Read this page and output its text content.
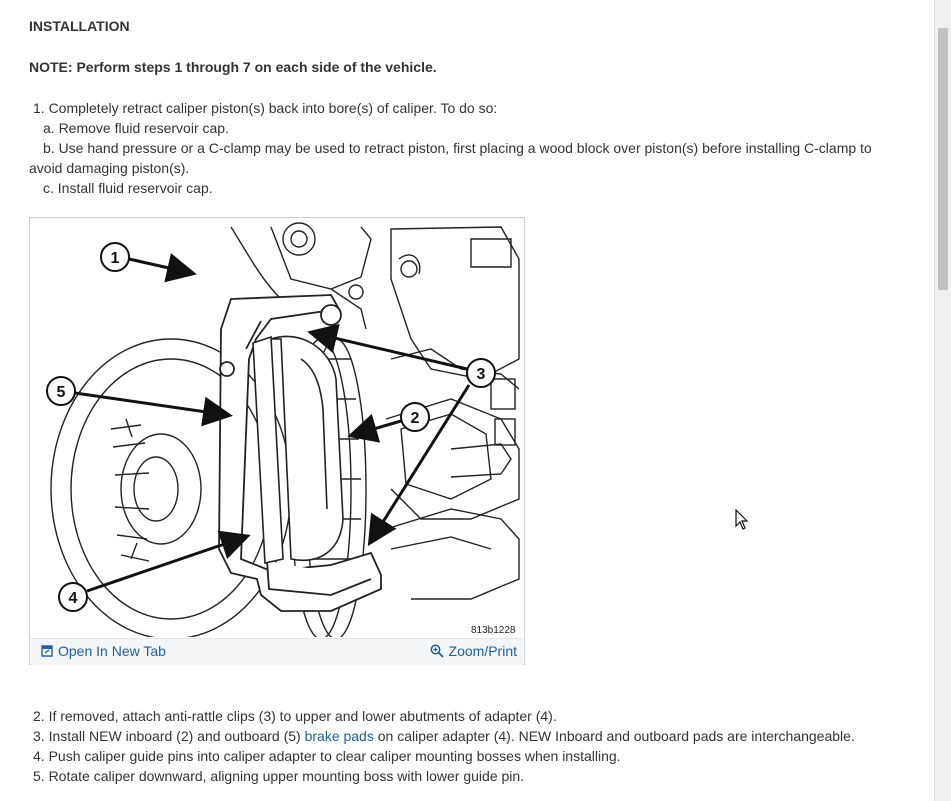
INSTALLATION
NOTE: Perform steps 1 through 7 on each side of the vehicle.
1. Completely retract caliper piston(s) back into bore(s) of caliper. To do so:
a. Remove fluid reservoir cap.
b. Use hand pressure or a C-clamp may be used to retract piston, first placing a wood block over piston(s) before installing C-clamp to
avoid damaging piston(s).
c. Install fluid reservoir cap.
1
2
3
4
5
813b1228
Open In New Tab	Zoom/Print
2. If removed, attach anti-rattle clips (3) to upper and lower abutments of adapter (4).
3. Install NEW inboard (2) and outboard (5) brake pads on caliper adapter (4). NEW Inboard and outboard pads are interchangeable.
4. Push caliper guide pins into caliper adapter to clear caliper mounting bosses when installing.
5. Rotate caliper downward, aligning upper mounting boss with lower guide pin.
